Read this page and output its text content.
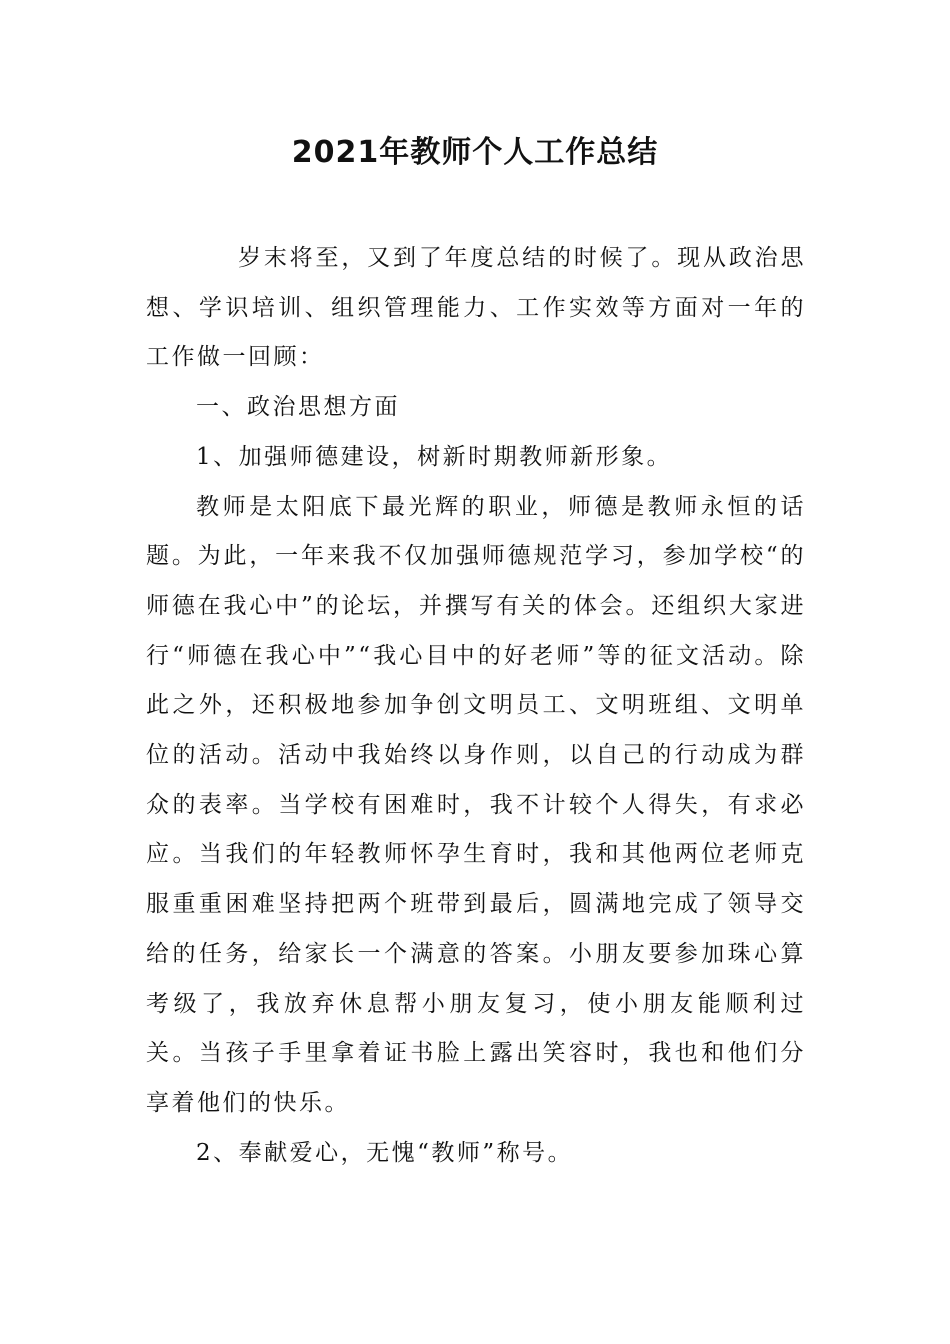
2021年教师个人工作总结

岁末将至，又到了年度总结的时候了。现从政治思想、学识培训、组织管理能力、工作实效等方面对一年的工作做一回顾：

一、政治思想方面

1、加强师德建设，树新时期教师新形象。

教师是太阳底下最光辉的职业，师德是教师永恒的话题。为此，一年来我不仅加强师德规范学习，参加学校“的师德在我心中”的论坛，并撰写有关的体会。还组织大家进行“师德在我心中”“我心目中的好老师”等的征文活动。除此之外，还积极地参加争创文明员工、文明班组、文明单位的活动。活动中我始终以身作则，以自己的行动成为群众的表率。当学校有困难时，我不计较个人得失，有求必应。当我们的年轻教师怀孕生育时，我和其他两位老师克服重重困难坚持把两个班带到最后，圆满地完成了领导交给的任务，给家长一个满意的答案。小朋友要参加珠心算考级了，我放弃休息帮小朋友复习，使小朋友能顺利过关。当孩子手里拿着证书脸上露出笑容时，我也和他们分享着他们的快乐。

2、奉献爱心，无愧“教师”称号。
